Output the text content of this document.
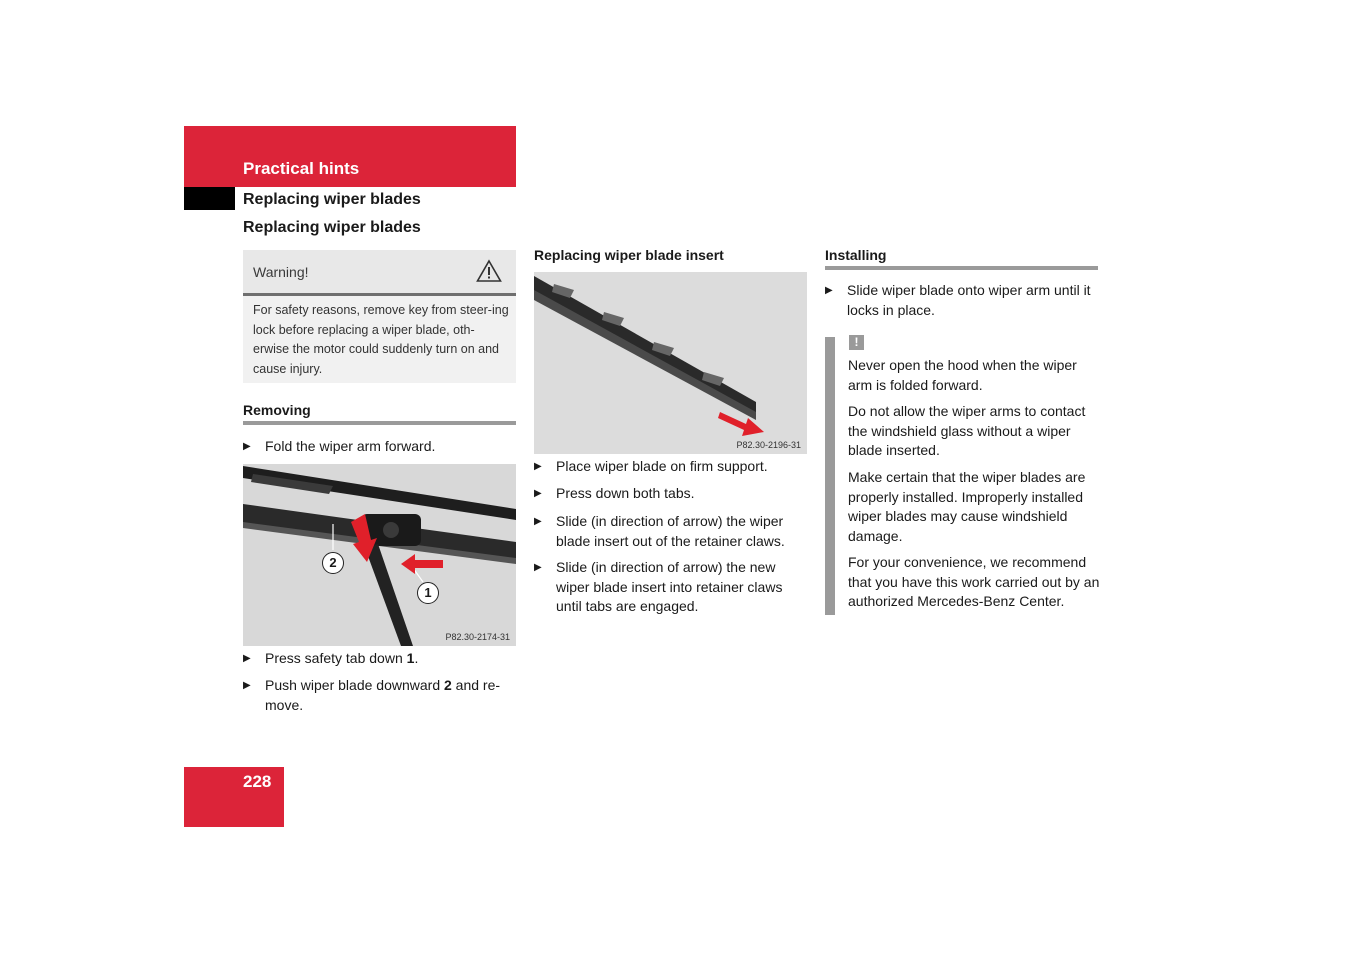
Practical hints
Replacing wiper blades
Replacing wiper blades
Warning!
For safety reasons, remove key from steer-ing lock before replacing a wiper blade, oth-erwise the motor could suddenly turn on and cause injury.
Removing
▶	Fold the wiper arm forward.
2
1
P82.30-2174-31
▶	Press safety tab down 1.
▶	Push wiper blade downward 2 and re-move.
Replacing wiper blade insert
P82.30-2196-31
▶	Place wiper blade on firm support.
▶	Press down both tabs.
▶	Slide (in direction of arrow) the wiper blade insert out of the retainer claws.
▶	Slide (in direction of arrow) the new wiper blade insert into retainer claws until tabs are engaged.
Installing
▶	Slide wiper blade onto wiper arm until it locks in place.
!
Never open the hood when the wiper arm is folded forward.
Do not allow the wiper arms to contact the windshield glass without a wiper blade inserted.
Make certain that the wiper blades are properly installed. Improperly installed wiper blades may cause windshield damage.
For your convenience, we recommend that you have this work carried out by an authorized Mercedes-Benz Center.
228
